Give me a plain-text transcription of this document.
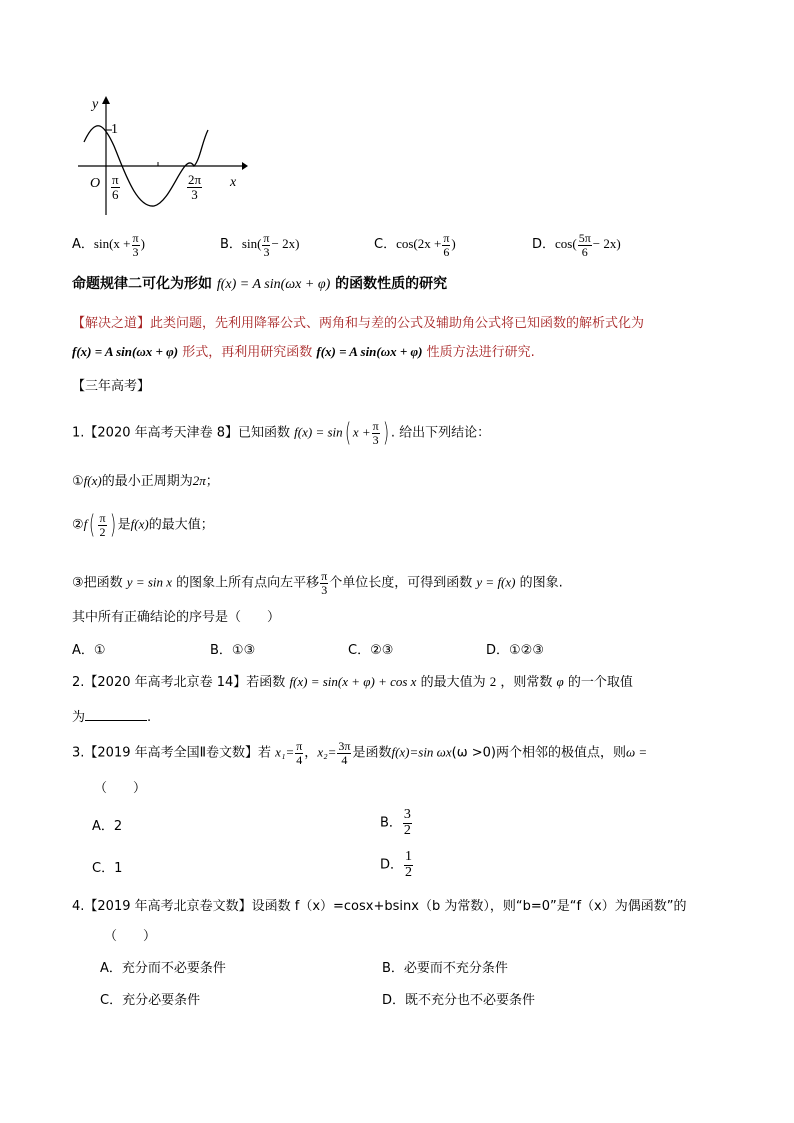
y
1
x
O $\frac{\pi}{6}$	$\frac{2\pi}{3}$
A．$\sin(x + \frac{\pi}{3}$ )	B．$\sin( \frac{\pi}{3} - 2x)$	C．$\cos(2x + \frac{\pi}{6}$ )	D．$\cos( \frac{5\pi}{6} - 2x)$
命题规律二可化为形如 f(x) = A sin(ωx + φ) 的函数性质的研究
【解决之道】此类问题，先利用降幂公式、两角和与差的公式及辅助角公式将已知函数的解析式化为
f(x) = A sin(ωx + φ) 形式，再利用研究函数 f(x) = A sin(ωx + φ) 性质方法进行研究.
【三年高考】
1.【2020 年高考天津卷 8】已知函数 f(x) = sin( $x + \frac{\pi}{3}$ ) . 给出下列结论：
①f(x)的最小正周期为2π；
②f( $\frac{\pi}{2}$ ) 是f(x)的最大值；
③把函数 y = sin x 的图象上所有点向左平移 $\frac{\pi}{3}$ 个单位长度，可得到函数 y = f(x) 的图象.
其中所有正确结论的序号是（　　）
A．①	B．①③	C．②③	D．①②③
2.【2020 年高考北京卷 14】若函数 f(x) = sin(x + φ) + cos x 的最大值为 2 ，则常数 φ 的一个取值
为	.
3.【2019 年高考全国Ⅱ卷文数】若 $x_1= \frac{\pi}{4}$ ，$x_2= \frac{3\pi}{4}$ 是函数f(x)=sin ωx(ω >0)两个相邻的极值点，则ω =
（　　）
A．2	B． $\frac{3}{2}$
C．1	D． $\frac{1}{2}$
4.【2019 年高考北京卷文数】设函数 f（x）=cosx+bsinx（b 为常数），则“b=0”是“f（x）为偶函数”的
（　　）
A．充分而不必要条件	B．必要而不充分条件
C．充分必要条件	D．既不充分也不必要条件
